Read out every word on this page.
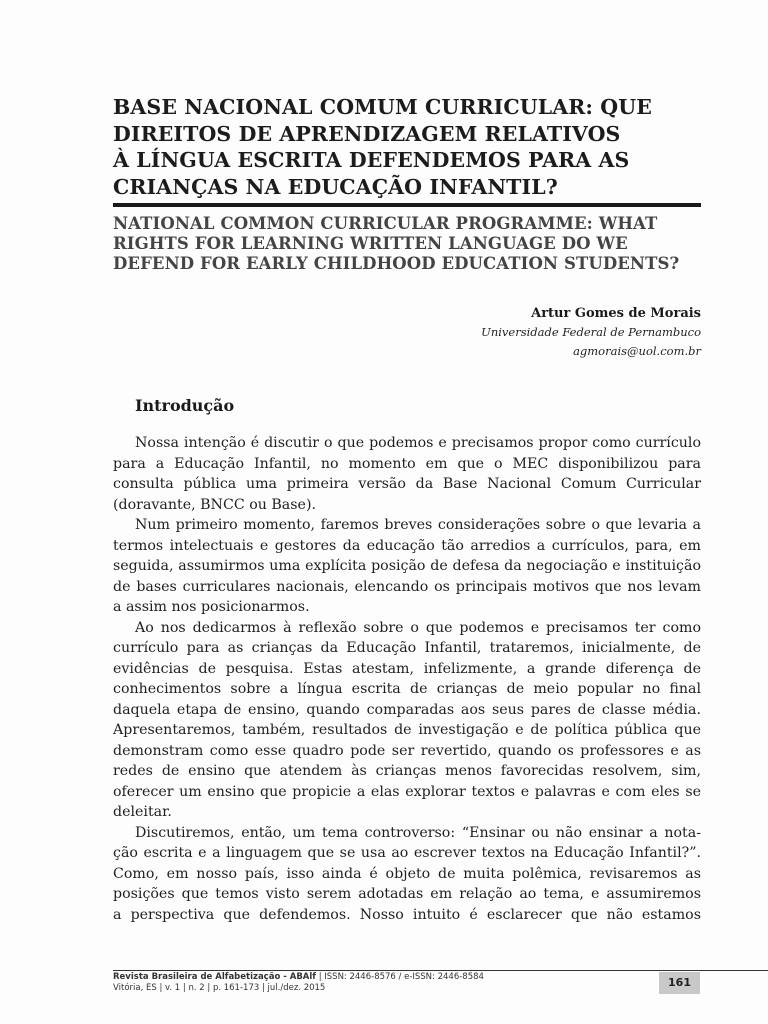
BASE NACIONAL COMUM CURRICULAR: QUE
DIREITOS DE APRENDIZAGEM RELATIVOS
À LÍNGUA ESCRITA DEFENDEMOS PARA AS
CRIANÇAS NA EDUCAÇÃO INFANTIL?
NATIONAL COMMON CURRICULAR PROGRAMME: WHAT
RIGHTS FOR LEARNING WRITTEN LANGUAGE DO WE
DEFEND FOR EARLY CHILDHOOD EDUCATION STUDENTS?
Artur Gomes de Morais
Universidade Federal de Pernambuco
agmorais@uol.com.br
Introdução

Nossa intenção é discutir o que podemos e precisamos propor como currículo
para a Educação Infantil, no momento em que o MEC disponibilizou para
consulta pública uma primeira versão da Base Nacional Comum Curricular
(doravante, BNCC ou Base).

Num primeiro momento, faremos breves considerações sobre o que levaria a
termos intelectuais e gestores da educação tão arredios a currículos, para, em
seguida, assumirmos uma explícita posição de defesa da negociação e instituição
de bases curriculares nacionais, elencando os principais motivos que nos levam
a assim nos posicionarmos.

Ao nos dedicarmos à reflexão sobre o que podemos e precisamos ter como
currículo para as crianças da Educação Infantil, trataremos, inicialmente, de
evidências de pesquisa. Estas atestam, infelizmente, a grande diferença de
conhecimentos sobre a língua escrita de crianças de meio popular no final
daquela etapa de ensino, quando comparadas aos seus pares de classe média.
Apresentaremos, também, resultados de investigação e de política pública que
demonstram como esse quadro pode ser revertido, quando os professores e as
redes de ensino que atendem às crianças menos favorecidas resolvem, sim,
oferecer um ensino que propicie a elas explorar textos e palavras e com eles se
deleitar.

Discutiremos, então, um tema controverso: “Ensinar ou não ensinar a nota-
ção escrita e a linguagem que se usa ao escrever textos na Educação Infantil?”.
Como, em nosso país, isso ainda é objeto de muita polêmica, revisaremos as
posições que temos visto serem adotadas em relação ao tema, e assumiremos
a perspectiva que defendemos. Nosso intuito é esclarecer que não estamos

Revista Brasileira de Alfabetização - ABAlf | ISSN: 2446-8576 / e-ISSN: 2446-8584
Vitória, ES | v. 1 | n. 2 | p. 161-173 | jul./dez. 2015	161
